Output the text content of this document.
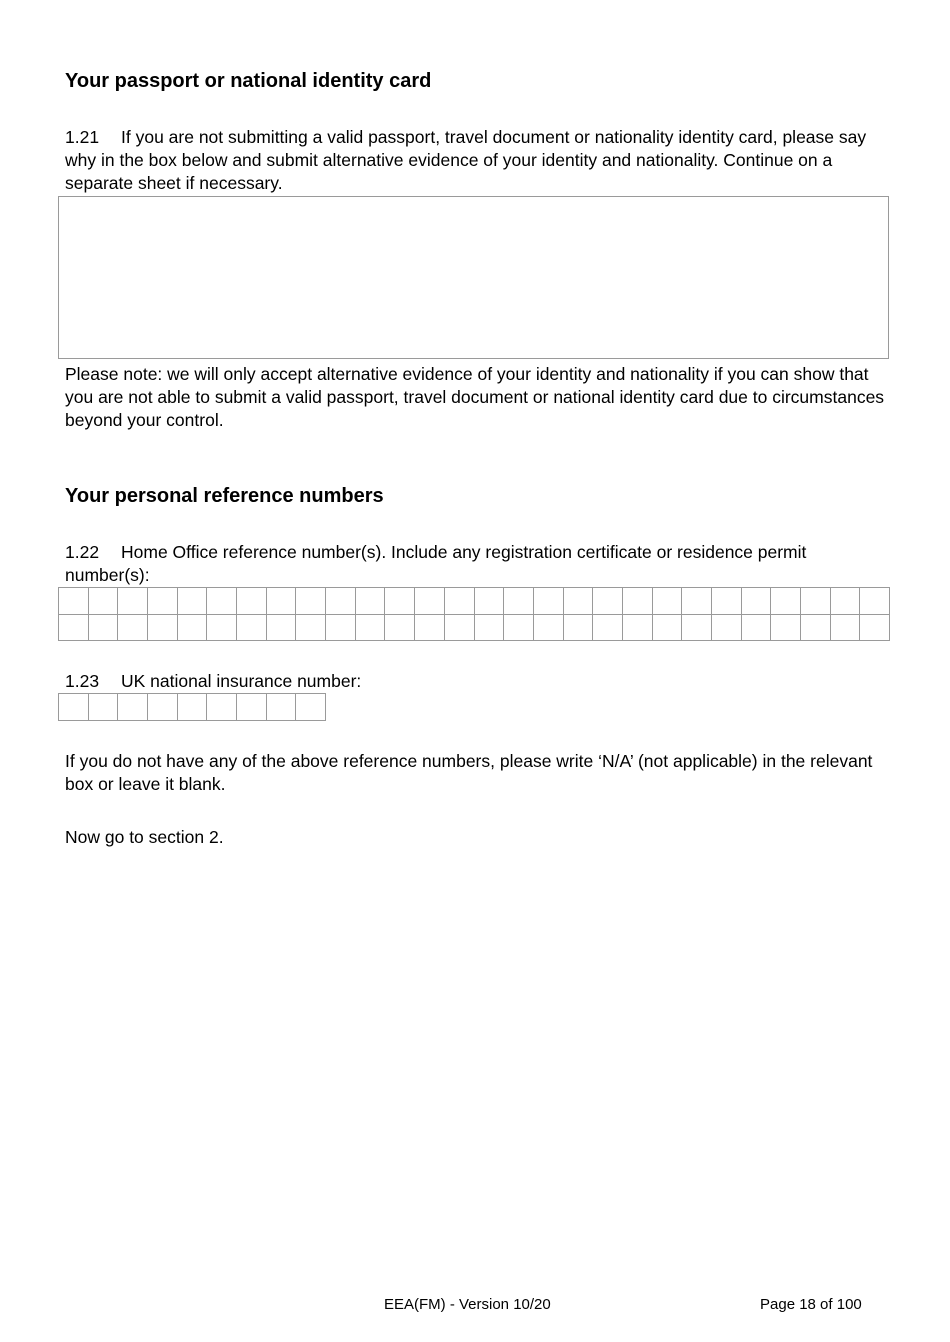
Your passport or national identity card

1.21 If you are not submitting a valid passport, travel document or nationality identity card, please say why in the box below and submit alternative evidence of your identity and nationality. Continue on a separate sheet if necessary.

Please note: we will only accept alternative evidence of your identity and nationality if you can show that you are not able to submit a valid passport, travel document or national identity card due to circumstances beyond your control.

Your personal reference numbers

1.22 Home Office reference number(s). Include any registration certificate or residence permit number(s):

1.23 UK national insurance number:

If you do not have any of the above reference numbers, please write ‘N/A’ (not applicable) in the relevant box or leave it blank.

Now go to section 2.

EEA(FM) - Version 10/20	Page 18 of 100
